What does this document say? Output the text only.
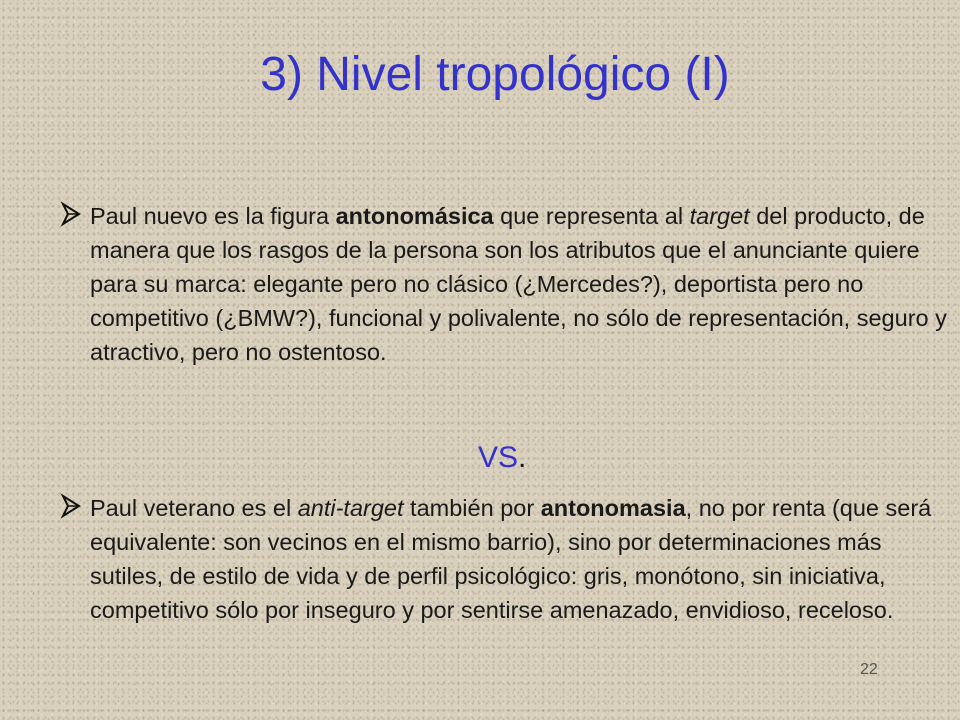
3) Nivel tropológico (I)

Paul nuevo es la figura antonomásica que representa al target del producto, de manera que los rasgos de la persona son los atributos que el anunciante quiere para su marca: elegante pero no clásico (¿Mercedes?), deportista pero no competitivo (¿BMW?), funcional y polivalente, no sólo de representación, seguro y atractivo, pero no ostentoso.

VS.

Paul veterano es el anti-target también por antonomasia, no por renta (que será equivalente: son vecinos en el mismo barrio), sino por determinaciones más sutiles, de estilo de vida y de perfil psicológico: gris, monótono, sin iniciativa, competitivo sólo por inseguro y por sentirse amenazado, envidioso, receloso.

22
